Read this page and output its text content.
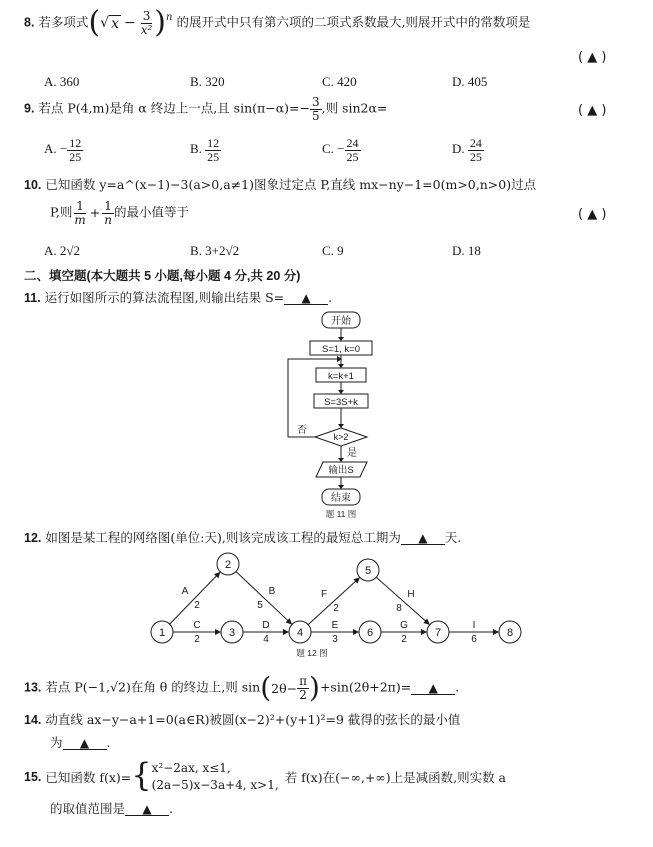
8. 若多项式 ( √ $x - \frac{3}{\text{x²}} )^n$ 的展开式中只有第六项的二项式系数最大,则展开式中的常数项是
( ▲ )
A. 360	B. 320	C. 420	D. 405
9. 若点 P(4,m)是角 α 终边上一点,且 $\sin(\pi-\alpha)=- \frac{3}{5}$ ,则 sin2α=	( ▲ )
A. − $\frac{12}{25}$	B. $\frac{12}{25}$	C. − $\frac{24}{25}$	D. $\frac{24}{25}$
10. 已知函数 y=a^(x−1)−3(a>0,a≠1)图象过定点 P,直线 mx−ny−1=0(m>0,n>0)过点
P,则 $\frac{1}{m} + \frac{1}{n}$ 的最小值等于	( ▲ )
A. 2√2	B. 3+2√2	C. 9	D. 18
二、填空题(本大题共 5 小题,每小题 4 分,共 20 分)
11. 运行如图所示的算法流程图,则输出结果 S= ▲ .
开始
S=1, k=0
k=k+1
S=3S+k
k>2
否
是
输出S
结束
题 11 图
12. 如图是某工程的网络图(单位:天),则该完成该工程的最短总工期为 ▲ 天.
A
2
B
5
C
2
D
4
E
3
F
2
G
2
H
8
I
6
1
2
3	4
5
6	7	8
题 12 图
13. 若点 P(−1,√2)在角 θ 的终边上,则 sin ( $2\theta- \frac{\pi}{2}$ ) +sin(2θ+2π)= ▲ .
14. 动直线 ax−y−a+1=0(a∈R)被圆(x−2)²+(y+1)²=9 截得的弦长的最小值
为 ▲ .
15. 已知函数 f(x)= { x²−2ax, x≤1,
(2a−5)x−3a+4, x>1, 若 f(x)在(−∞,+∞)上是减函数,则实数 a
的取值范围是 ▲ .
